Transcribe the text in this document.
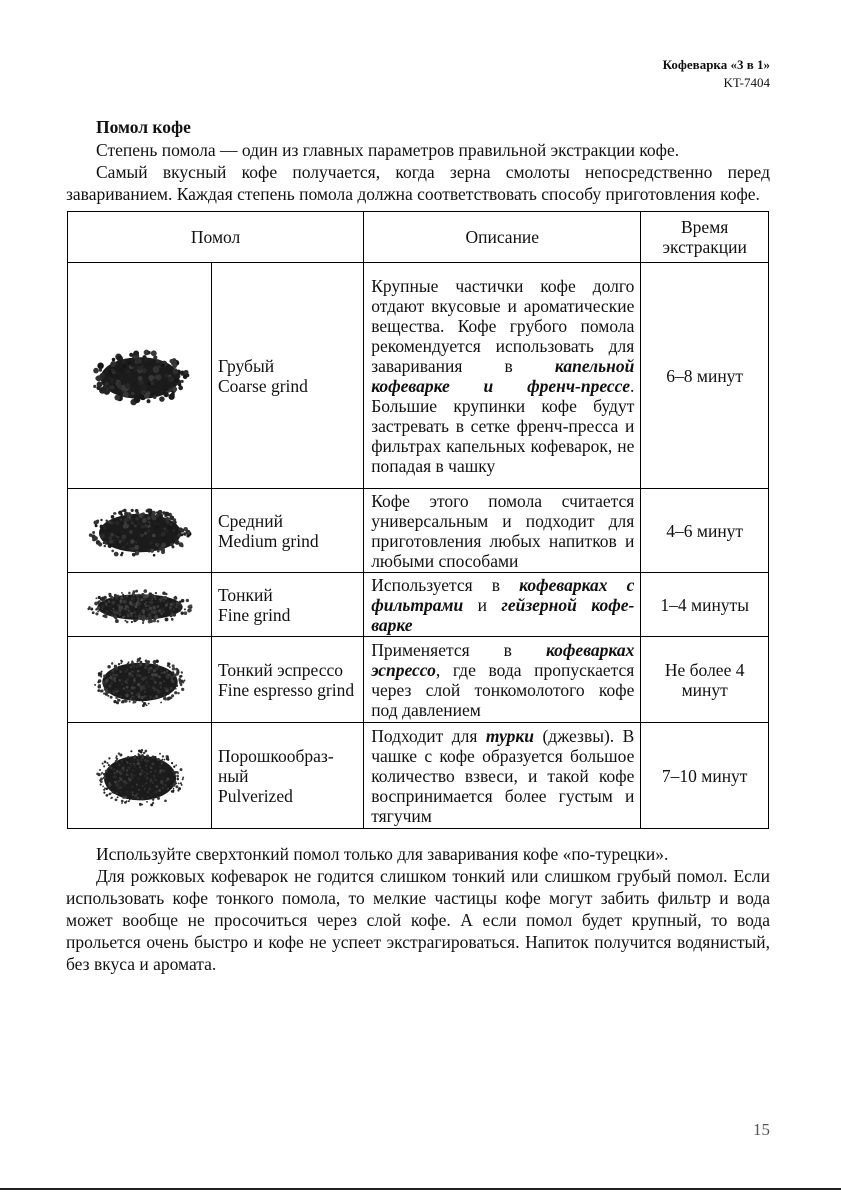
Кофеварка «3 в 1»
KT-7404
Помол кофе

Степень помола — один из главных параметров правильной экстракции кофе.

Самый вкусный кофе получается, когда зерна смолоты непосредственно перед завариванием. Каждая степень помола должна соответствовать способу приготовления кофе.

Помол		Описание	Время экстракции

Грубый
Coarse grind	Крупные частички кофе долго отдают вкусовые и ароматические вещества. Кофе грубого помола рекомендуется использовать для заваривания в капельной кофеварке и френч-прессе. Большие крупинки кофе будут застревать в сетке френч-пресса и фильтрах капельных кофеварок, не попадая в чашку	6–8 минут

Средний
Medium grind	Кофе этого помола считается универсальным и подходит для приготовления любых напитков и любыми способами	4–6 минут

Тонкий
Fine grind	Используется в кофеварках с фильтрами и гейзерной кофеварке	1–4 минуты

Тонкий эспрессо
Fine espresso grind	Применяется в кофеварках эспрессо, где вода пропускается через слой тонкомолотого кофе под давлением	Не более 4 минут

Порошкообразный
Pulverized	Подходит для турки (джезвы). В чашке с кофе образуется большое количество взвеси, и такой кофе воспринимается более густым и тягучим	7–10 минут

Используйте сверхтонкий помол только для заваривания кофе «по-турецки».

Для рожковых кофеварок не годится слишком тонкий или слишком грубый помол. Если использовать кофе тонкого помола, то мелкие частицы кофе могут забить фильтр и вода может вообще не просочиться через слой кофе. А если помол будет крупный, то вода прольется очень быстро и кофе не успеет экстрагироваться. Напиток получится водянистый, без вкуса и аромата.

15
